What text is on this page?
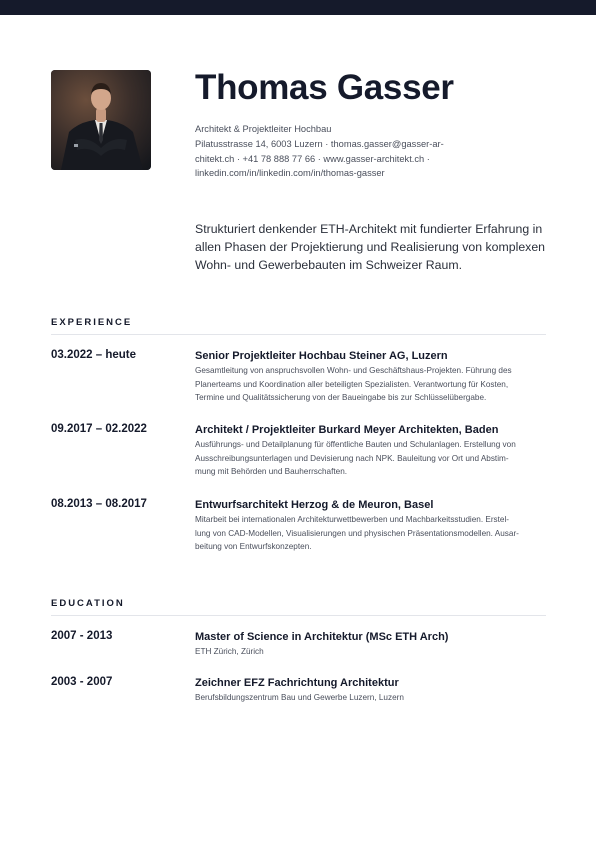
Thomas Gasser
Architekt & Projektleiter Hochbau
Pilatusstrasse 14, 6003 Luzern · thomas.gasser@gasser-ar-
chitekt.ch · +41 78 888 77 66 · www.gasser-architekt.ch ·
linkedin.com/in/linkedin.com/in/thomas-gasser
Strukturiert denkender ETH-Architekt mit fundierter Erfahrung in
allen Phasen der Projektierung und Realisierung von komplexen
Wohn- und Gewerbebauten im Schweizer Raum.
EXPERIENCE
03.2022 – heute	Senior Projektleiter Hochbau Steiner AG, Luzern
Gesamtleitung von anspruchsvollen Wohn- und Geschäftshaus-Projekten. Führung des
Planerteams und Koordination aller beteiligten Spezialisten. Verantwortung für Kosten,
Termine und Qualitätssicherung von der Baueingabe bis zur Schlüsselübergabe.
09.2017 – 02.2022	Architekt / Projektleiter Burkard Meyer Architekten, Baden
Ausführungs- und Detailplanung für öffentliche Bauten und Schulanlagen. Erstellung von
Ausschreibungsunterlagen und Devisierung nach NPK. Bauleitung vor Ort und Abstim-
mung mit Behörden und Bauherrschaften.
08.2013 – 08.2017	Entwurfsarchitekt Herzog & de Meuron, Basel
Mitarbeit bei internationalen Architekturwettbewerben und Machbarkeitsstudien. Erstel-
lung von CAD-Modellen, Visualisierungen und physischen Präsentationsmodellen. Ausar-
beitung von Entwurfskonzepten.
EDUCATION
2007 - 2013	Master of Science in Architektur (MSc ETH Arch)
ETH Zürich, Zürich
2003 - 2007	Zeichner EFZ Fachrichtung Architektur
Berufsbildungszentrum Bau und Gewerbe Luzern, Luzern
